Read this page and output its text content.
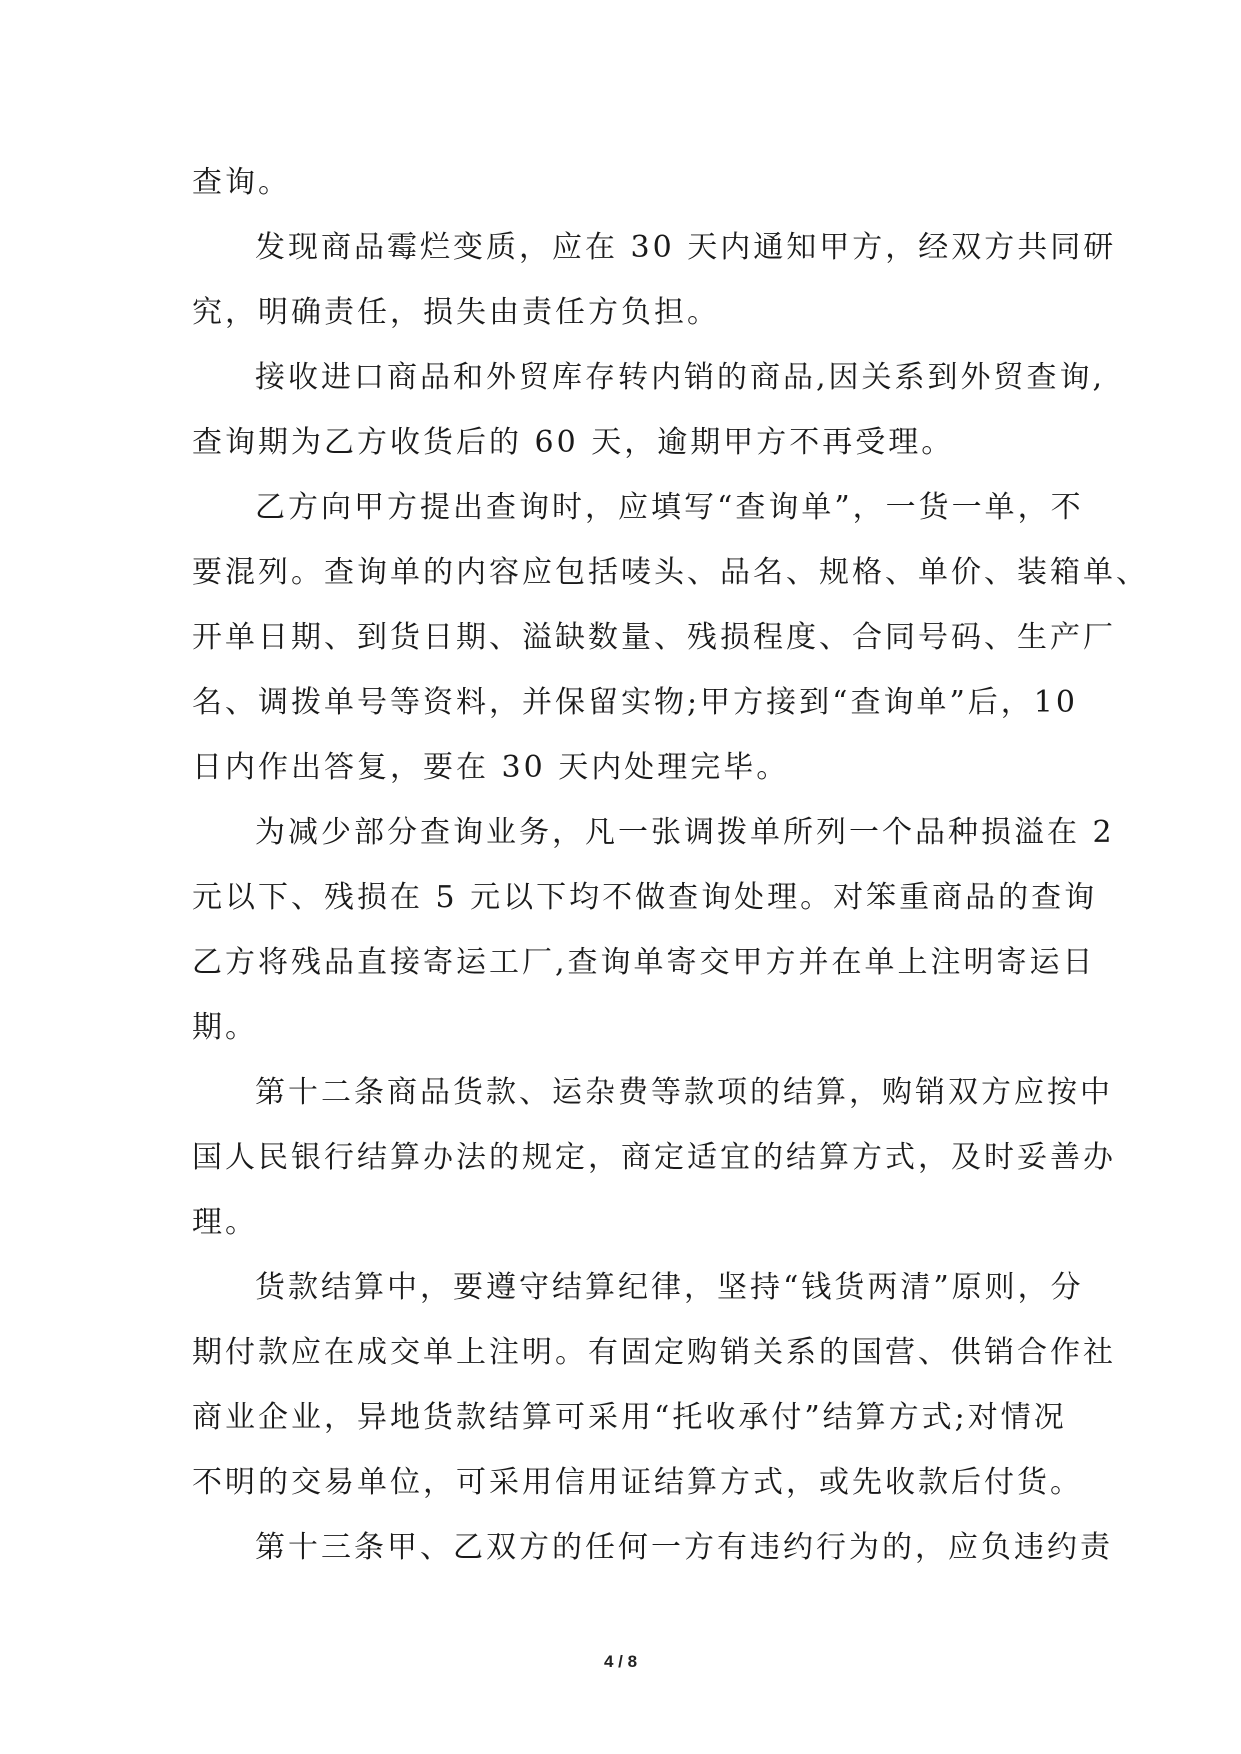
查询。
发现商品霉烂变质，应在 30 天内通知甲方，经双方共同研
究，明确责任，损失由责任方负担。
接收进口商品和外贸库存转内销的商品,因关系到外贸查询,
查询期为乙方收货后的 60 天，逾期甲方不再受理。
乙方向甲方提出查询时，应填写“查询单”，一货一单，不
要混列。查询单的内容应包括唛头、品名、规格、单价、装箱单、
开单日期、到货日期、溢缺数量、残损程度、合同号码、生产厂
名、调拨单号等资料，并保留实物;甲方接到“查询单”后，10
日内作出答复，要在 30 天内处理完毕。
为减少部分查询业务，凡一张调拨单所列一个品种损溢在 2
元以下、残损在 5 元以下均不做查询处理。对笨重商品的查询
乙方将残品直接寄运工厂,查询单寄交甲方并在单上注明寄运日
期。
第十二条商品货款、运杂费等款项的结算，购销双方应按中
国人民银行结算办法的规定，商定适宜的结算方式，及时妥善办
理。
货款结算中，要遵守结算纪律，坚持“钱货两清”原则，分
期付款应在成交单上注明。有固定购销关系的国营、供销合作社
商业企业，异地货款结算可采用“托收承付”结算方式;对情况
不明的交易单位，可采用信用证结算方式，或先收款后付货。
第十三条甲、乙双方的任何一方有违约行为的，应负违约责
4 / 8
